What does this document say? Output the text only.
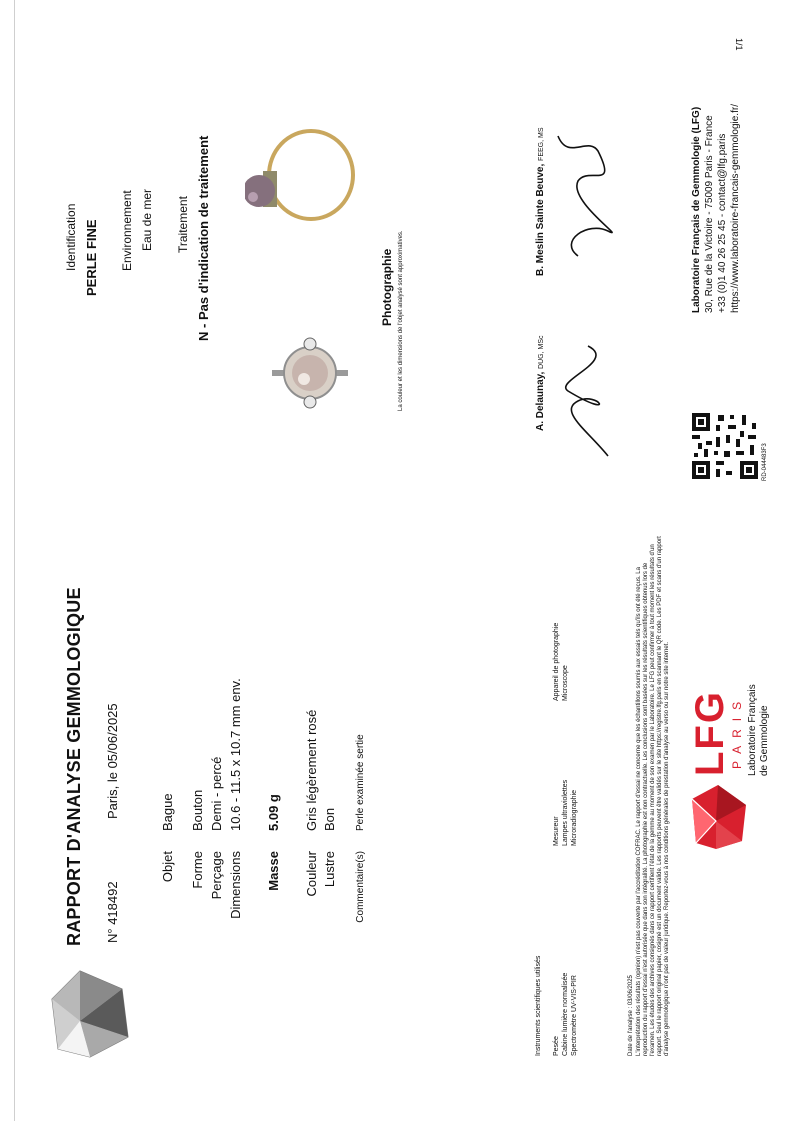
1/1
RAPPORT D'ANALYSE GEMMOLOGIQUE N° 418492
Paris, le 05/06/2025
Objet
Bague
Forme
Bouton
Perçage
Demi - percé
Dimensions
10.6 - 11.5 x 10.7 mm env.
Masse
5.09 g
Couleur
Gris légèrement rosé
Lustre
Bon
Commentaire(s)
Perle examinée sertie
Identification PERLE FINE Environnement Eau de mer Traitement N - Pas d'indication de traitement	Photographie La couleur et les dimensions de l'objet analysé sont approximatives.
Instruments scientifiques utilisés Pesée Cabine lumière normalisée Spectromètre UV-VIS-PIR
Mesureur Lampes ultraviolettes Microradiographie
Appareil de photographie Microscope
Date de l'analyse : 03/06/2025 L'interprétation des résultats (opinion) n'est pas couverte par l'accréditation COFRAC. Le rapport d'essai ne concerne que les échantillons soumis aux essais tels qu'ils ont été reçus. La reproduction du rapport d'essai n'est autorisée que dans son intégralité. La photographie est non contractuelle. Les conclusions sont basées sur les résultats scientifiques obtenus lors de l'examen. Les études des archives consignés dans ce rapport certifient l'état de la gemme au moment de son examen par le Laboratoire. Le LFG peut confirmer à tout moment les résultats d'un rapport. Seul le rapport original papier, cosigné est un document valide. Les rapports peuvent être validés sur le site https://registre.lfg.paris en scannant le QR code. Les PDF et scans d'un rapport d'analyse gemmologique n'ont pas de valeur juridique. Reportez-vous à nos conditions générales de prestation d'analyse au verso ou sur notre site internet. LFG
PARIS Laboratoire Français de Gemmologie
A. Delaunay, DUG, MSc
B. Meslin Sainte Beuve, FEEG, MS
RD-044483F3
Laboratoire Français de Gemmologie (LFG) 30, Rue de la Victoire - 75009 Paris - France +33 (0)1 40 26 25 45 - contact@lfg.paris https://www.laboratoire-francais-gemmologie.fr/
